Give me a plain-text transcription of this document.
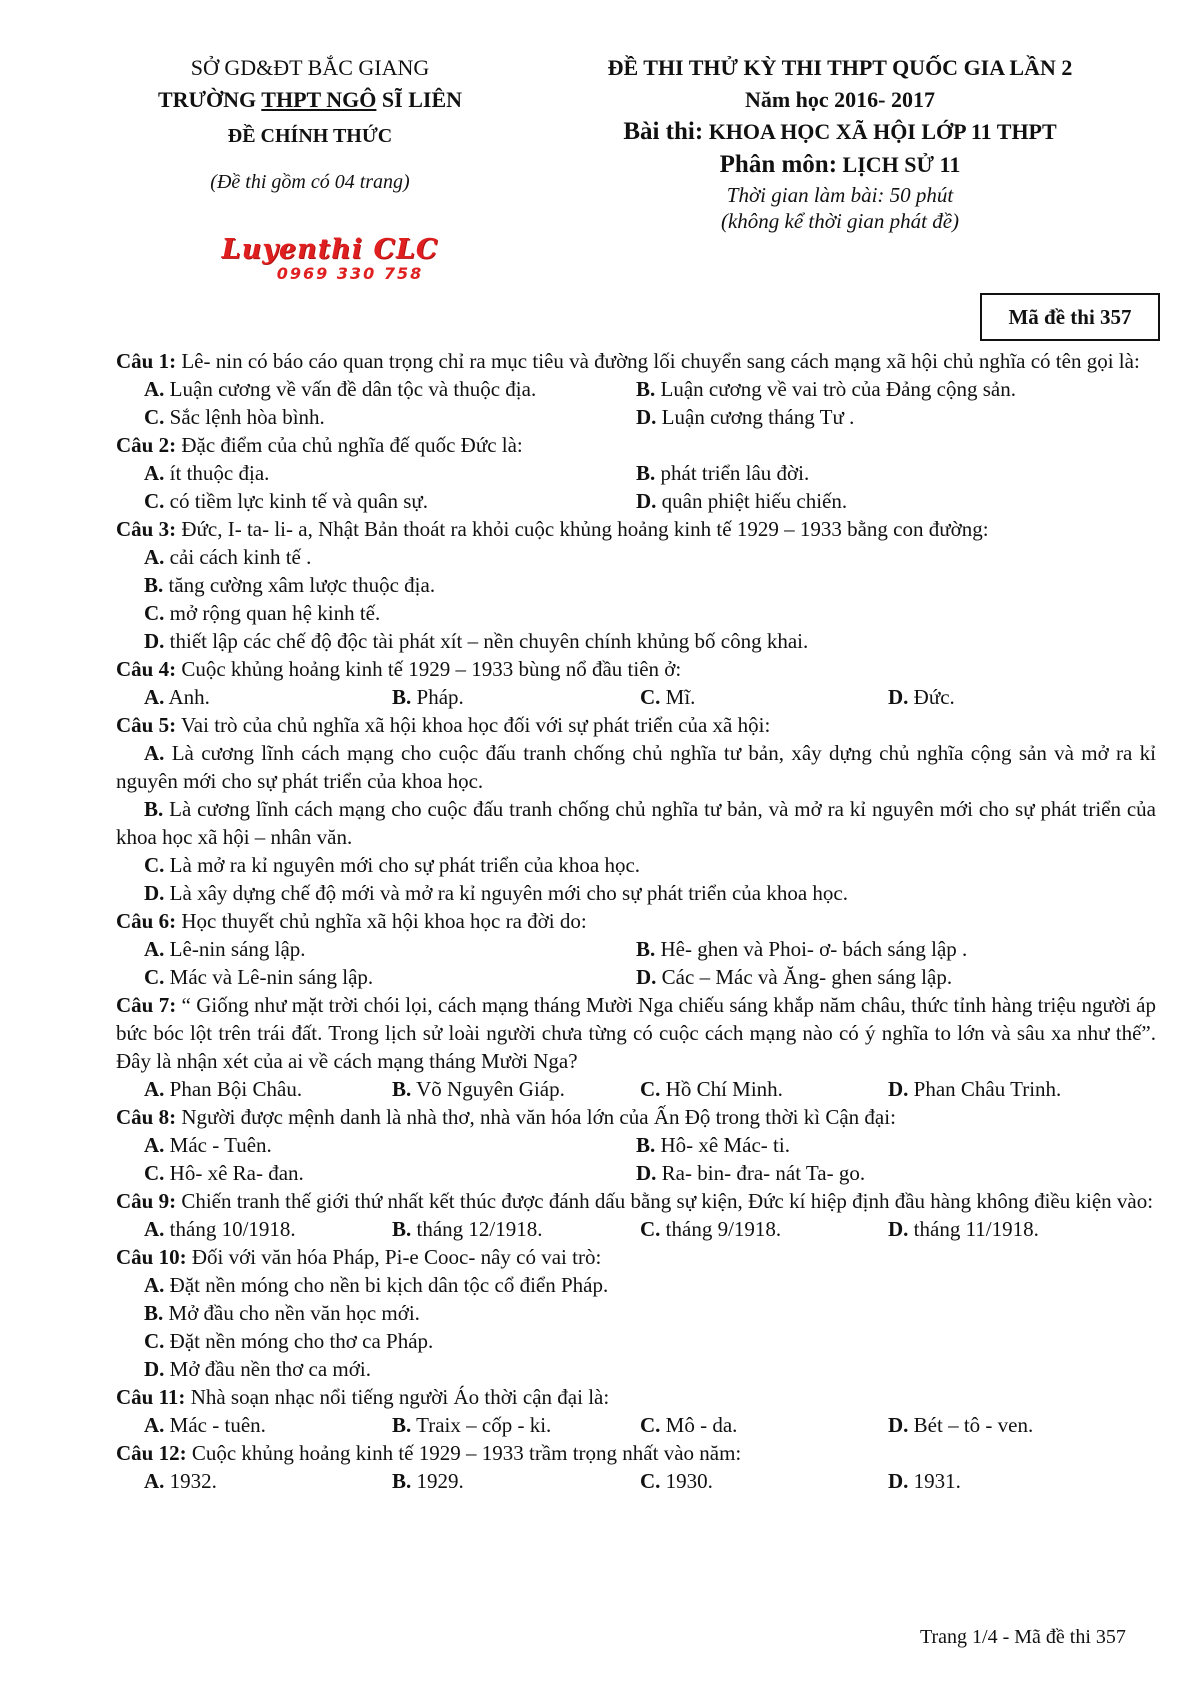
SỞ GD&ĐT BẮC GIANG
TRƯỜNG THPT NGÔ SĨ LIÊN
ĐỀ CHÍNH THỨC
(Đề thi gồm có 04 trang)
Luyenthi CLC
0969 330 758
ĐỀ THI THỬ KỲ THI THPT QUỐC GIA LẦN 2
Năm học 2016- 2017
Bài thi: KHOA HỌC XÃ HỘI LỚP 11 THPT
Phân môn: LỊCH SỬ 11
Thời gian làm bài: 50 phút
(không kể thời gian phát đề)
Mã đề thi 357
Câu 1: Lê- nin có báo cáo quan trọng chỉ ra mục tiêu và đường lối chuyển sang cách mạng xã hội chủ nghĩa có tên gọi là:
A. Luận cương về vấn đề dân tộc và thuộc địa.	B. Luận cương về vai trò của Đảng cộng sản.
C. Sắc lệnh hòa bình.	D. Luận cương tháng Tư .
Câu 2: Đặc điểm của chủ nghĩa đế quốc Đức là:
A. ít thuộc địa.	B. phát triển lâu đời.
C. có tiềm lực kinh tế và quân sự.	D. quân phiệt hiếu chiến.
Câu 3: Đức, I- ta- li- a, Nhật Bản thoát ra khỏi cuộc khủng hoảng kinh tế 1929 – 1933 bằng con đường:
A. cải cách kinh tế .
B. tăng cường xâm lược thuộc địa.
C. mở rộng quan hệ kinh tế.
D. thiết lập các chế độ độc tài phát xít – nền chuyên chính khủng bố công khai.
Câu 4: Cuộc khủng hoảng kinh tế 1929 – 1933 bùng nổ đầu tiên ở:
A. Anh.	B. Pháp.	C. Mĩ.	D. Đức.
Câu 5: Vai trò của chủ nghĩa xã hội khoa học đối với sự phát triển của xã hội:
A. Là cương lĩnh cách mạng cho cuộc đấu tranh chống chủ nghĩa tư bản, xây dựng chủ nghĩa cộng sản và mở ra kỉ nguyên mới cho sự phát triển của khoa học.
B. Là cương lĩnh cách mạng cho cuộc đấu tranh chống chủ nghĩa tư bản, và mở ra kỉ nguyên mới cho sự phát triển của khoa học xã hội – nhân văn.
C. Là mở ra kỉ nguyên mới cho sự phát triển của khoa học.
D. Là xây dựng chế độ mới và mở ra kỉ nguyên mới cho sự phát triển của khoa học.
Câu 6: Học thuyết chủ nghĩa xã hội khoa học ra đời do:
A. Lê-nin sáng lập.	B. Hê- ghen và Phoi- ơ- bách sáng lập .
C. Mác và Lê-nin sáng lập.	D. Các – Mác và Ăng- ghen sáng lập.
Câu 7: “ Giống như mặt trời chói lọi, cách mạng tháng Mười Nga chiếu sáng khắp năm châu, thức tỉnh hàng triệu người áp bức bóc lột trên trái đất. Trong lịch sử loài người chưa từng có cuộc cách mạng nào có ý nghĩa to lớn và sâu xa như thế”. Đây là nhận xét của ai về cách mạng tháng Mười Nga?
A. Phan Bội Châu.	B. Võ Nguyên Giáp.	C. Hồ Chí Minh.	D. Phan Châu Trinh.
Câu 8: Người được mệnh danh là nhà thơ, nhà văn hóa lớn của Ấn Độ trong thời kì Cận đại:
A. Mác - Tuên.	B. Hô- xê Mác- ti.
C. Hô- xê Ra- đan.	D. Ra- bin- đra- nát Ta- go.
Câu 9: Chiến tranh thế giới thứ nhất kết thúc được đánh dấu bằng sự kiện, Đức kí hiệp định đầu hàng không điều kiện vào:
A. tháng 10/1918.	B. tháng 12/1918.	C. tháng 9/1918.	D. tháng 11/1918.
Câu 10: Đối với văn hóa Pháp, Pi-e Cooc- nây có vai trò:
A. Đặt nền móng cho nền bi kịch dân tộc cổ điển Pháp.
B. Mở đầu cho nền văn học mới.
C. Đặt nền móng cho thơ ca Pháp.
D. Mở đầu nền thơ ca mới.
Câu 11: Nhà soạn nhạc nổi tiếng người Áo thời cận đại là:
A. Mác - tuên.	B. Traix – cốp - ki.	C. Mô - da.	D. Bét – tô - ven.
Câu 12: Cuộc khủng hoảng kinh tế 1929 – 1933 trầm trọng nhất vào năm:
A. 1932.	B. 1929.	C. 1930.	D. 1931.
Trang 1/4 - Mã đề thi 357
